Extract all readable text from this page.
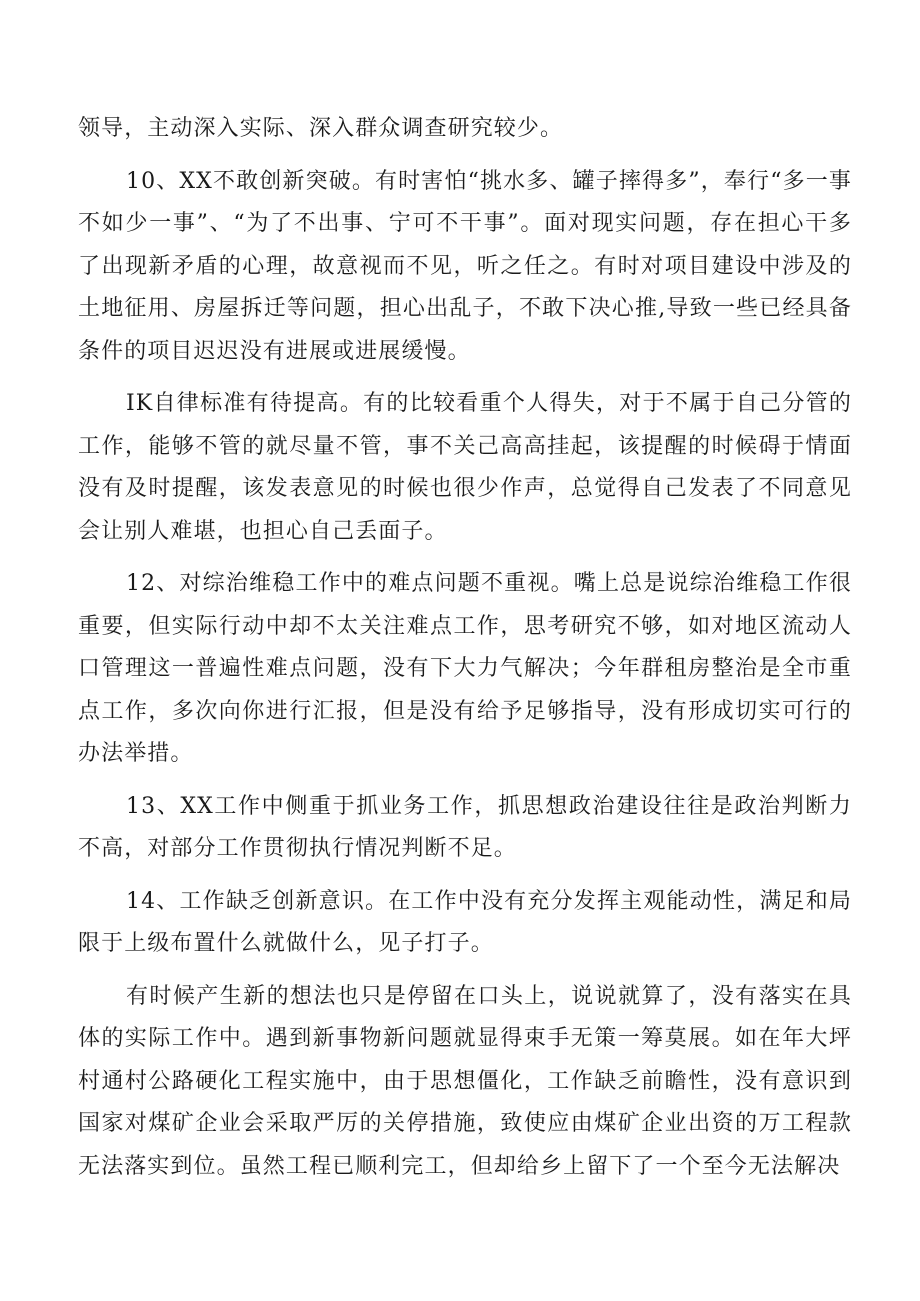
领导，主动深入实际、深入群众调查研究较少。

10、XX不敢创新突破。有时害怕“挑水多、罐子摔得多”，奉行“多一事不如少一事”、“为了不出事、宁可不干事”。面对现实问题，存在担心干多了出现新矛盾的心理，故意视而不见，听之任之。有时对项目建设中涉及的土地征用、房屋拆迁等问题，担心出乱子，不敢下决心推,导致一些已经具备条件的项目迟迟没有进展或进展缓慢。

IK自律标准有待提高。有的比较看重个人得失，对于不属于自己分管的工作，能够不管的就尽量不管，事不关己高高挂起，该提醒的时候碍于情面没有及时提醒，该发表意见的时候也很少作声，总觉得自己发表了不同意见会让别人难堪，也担心自己丢面子。

12、对综治维稳工作中的难点问题不重视。嘴上总是说综治维稳工作很重要，但实际行动中却不太关注难点工作，思考研究不够，如对地区流动人口管理这一普遍性难点问题，没有下大力气解决；今年群租房整治是全市重点工作，多次向你进行汇报，但是没有给予足够指导，没有形成切实可行的办法举措。

13、XX工作中侧重于抓业务工作，抓思想政治建设往往是政治判断力不高，对部分工作贯彻执行情况判断不足。

14、工作缺乏创新意识。在工作中没有充分发挥主观能动性，满足和局限于上级布置什么就做什么，见子打子。

有时候产生新的想法也只是停留在口头上，说说就算了，没有落实在具体的实际工作中。遇到新事物新问题就显得束手无策一筹莫展。如在年大坪村通村公路硬化工程实施中，由于思想僵化，工作缺乏前瞻性，没有意识到国家对煤矿企业会采取严厉的关停措施，致使应由煤矿企业出资的万工程款无法落实到位。虽然工程已顺利完工，但却给乡上留下了一个至今无法解决
